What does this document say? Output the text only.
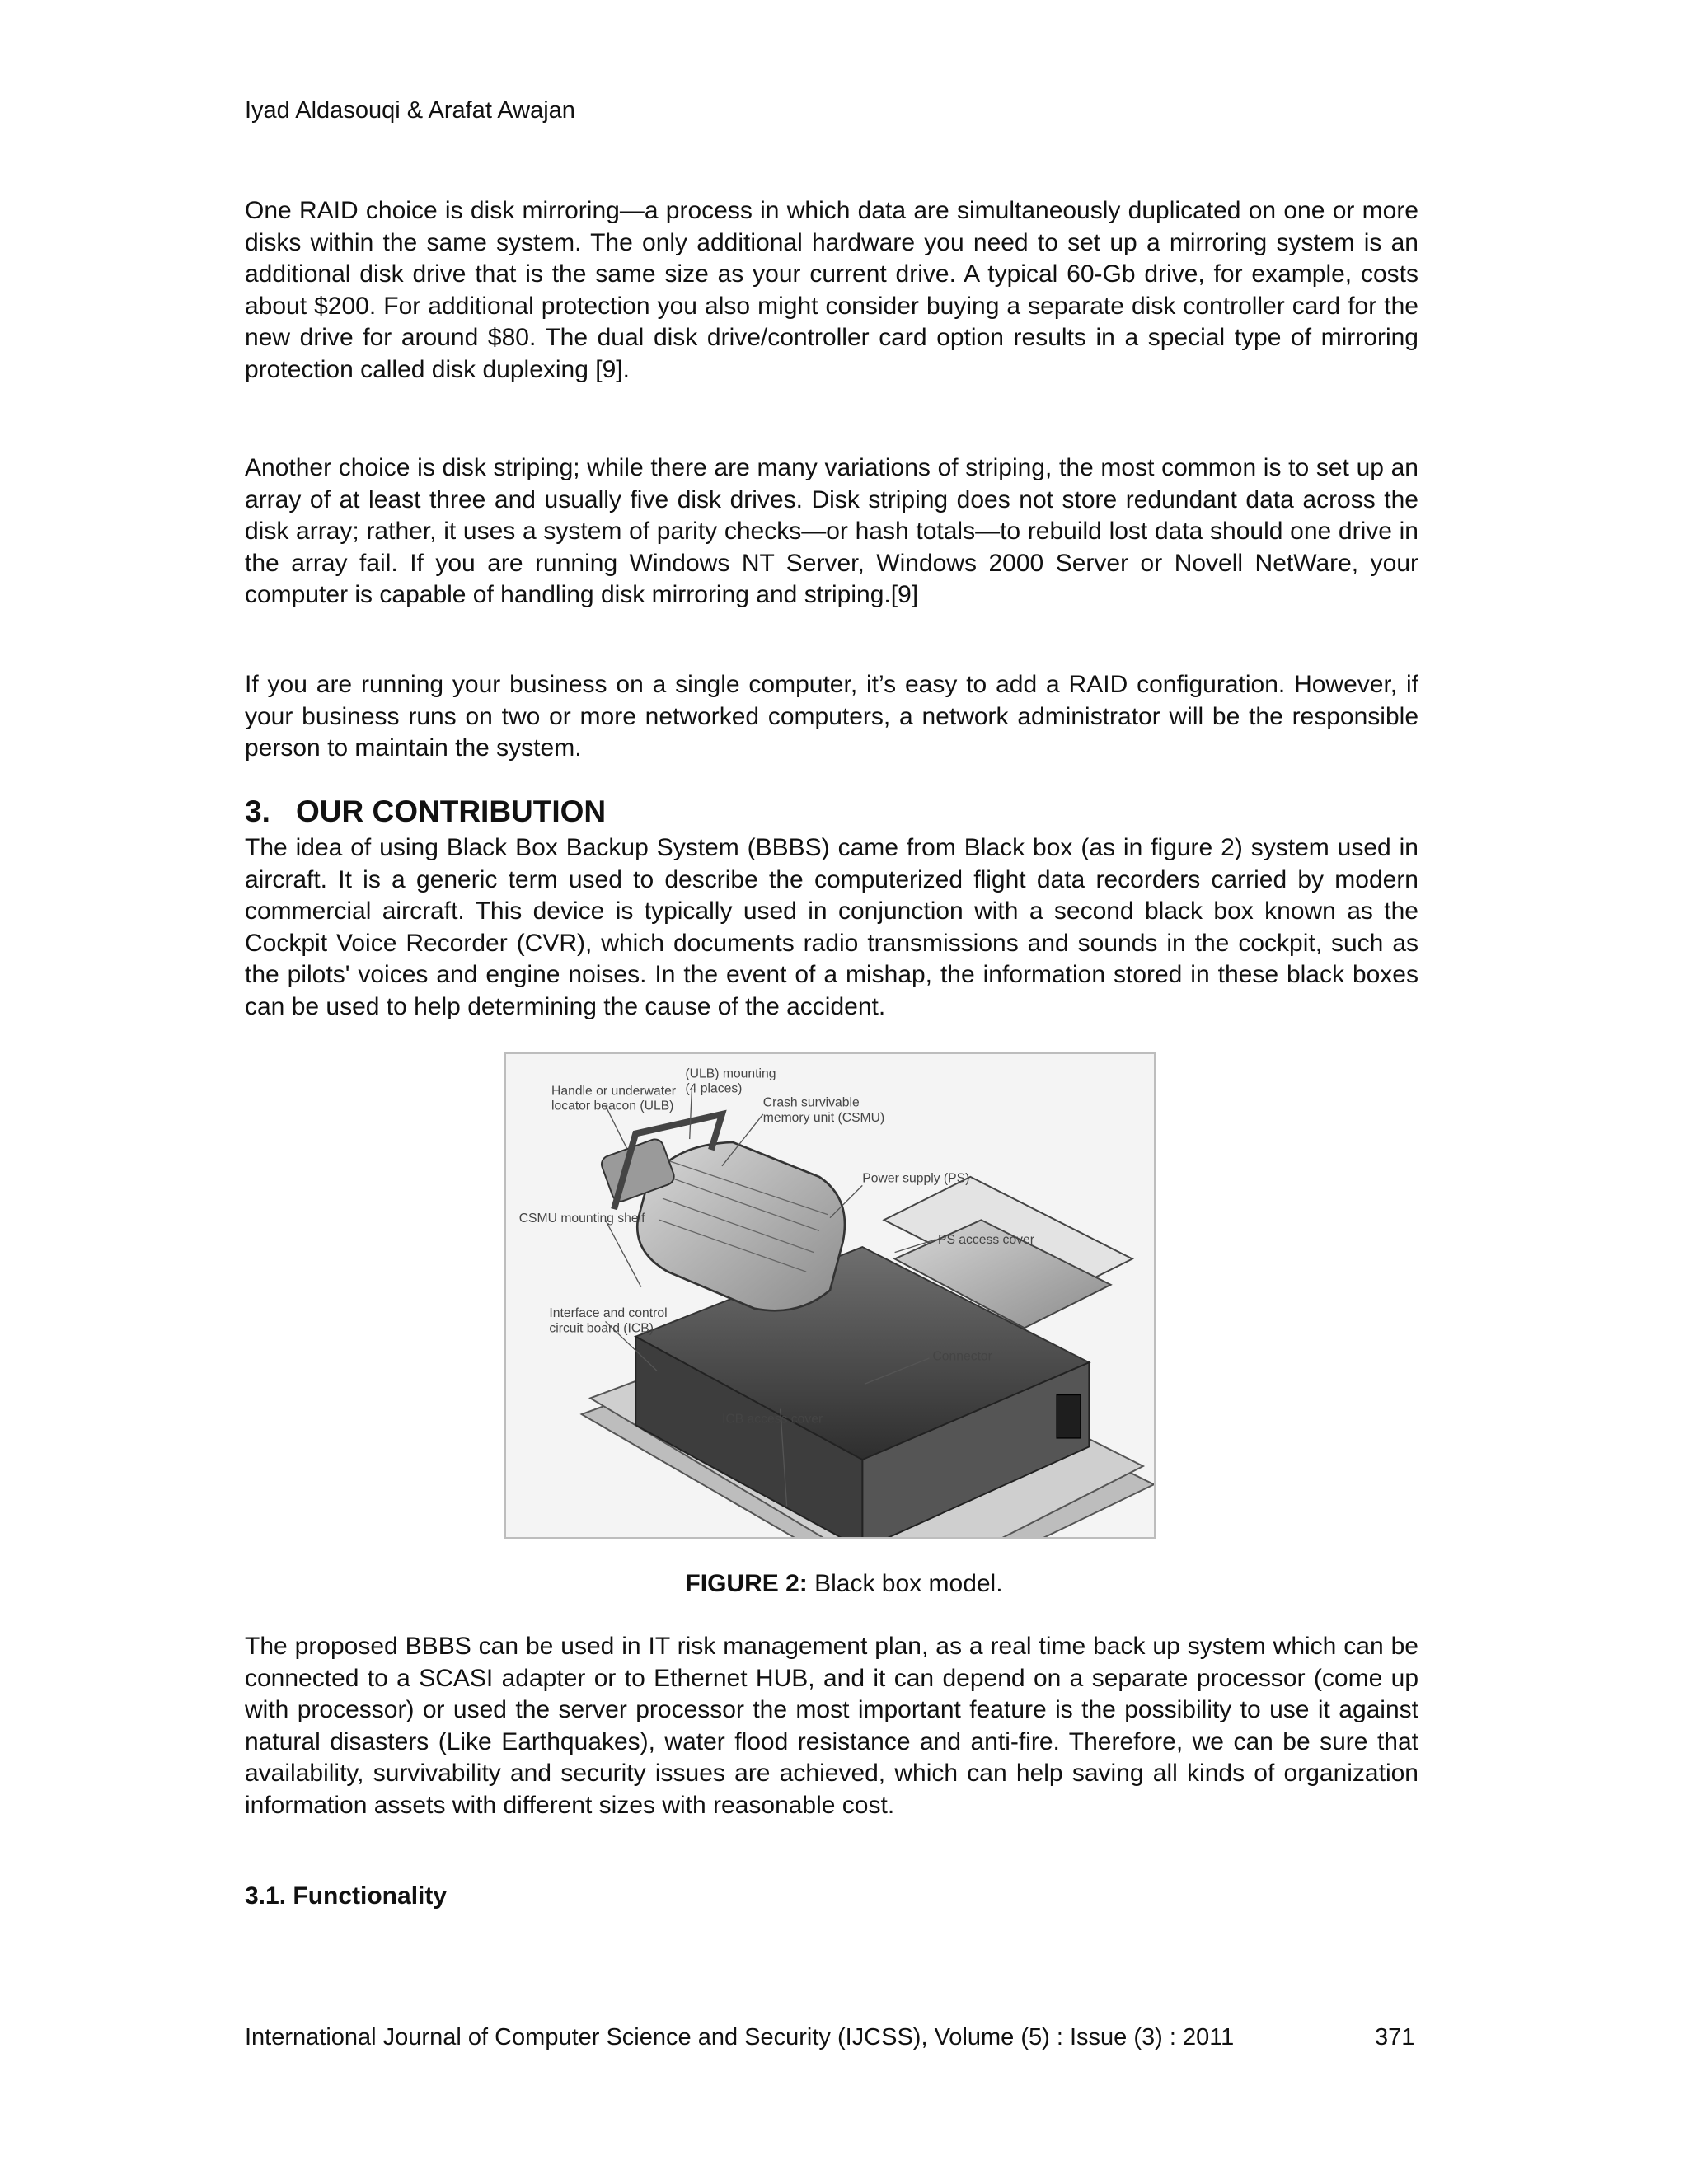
Iyad Aldasouqi & Arafat Awajan

One RAID choice is disk mirroring—a process in which data are simultaneously duplicated on one or more disks within the same system. The only additional hardware you need to set up a mirroring system is an additional disk drive that is the same size as your current drive. A typical 60-Gb drive, for example, costs about $200. For additional protection you also might consider buying a separate disk controller card for the new drive for around $80. The dual disk drive/controller card option results in a special type of mirroring protection called disk duplexing [9].

Another choice is disk striping; while there are many variations of striping, the most common is to set up an array of at least three and usually five disk drives. Disk striping does not store redundant data across the disk array; rather, it uses a system of parity checks—or hash totals—to rebuild lost data should one drive in the array fail. If you are running Windows NT Server, Windows 2000 Server or Novell NetWare, your computer is capable of handling disk mirroring and striping.[9]

If you are running your business on a single computer, it’s easy to add a RAID configuration. However, if your business runs on two or more networked computers, a network administrator will be the responsible person to maintain the system.

3. OUR CONTRIBUTION

The idea of using Black Box Backup System (BBBS) came from Black box (as in figure 2) system used in aircraft. It is a generic term used to describe the computerized flight data recorders carried by modern commercial aircraft. This device is typically used in conjunction with a second black box known as the Cockpit Voice Recorder (CVR), which documents radio transmissions and sounds in the cockpit, such as the pilots' voices and engine noises. In the event of a mishap, the information stored in these black boxes can be used to help determining the cause of the accident.

(ULB) mounting
(4 places)
Handle or underwater
locator beacon (ULB)	Crash survivable
memory unit (CSMU)
Power supply (PS)
CSMU mounting shelf
PS access cover
Interface and control
circuit board (ICB)
Connector
ICB access cover
FIGURE 2: Black box model.

The proposed BBBS can be used in IT risk management plan, as a real time back up system which can be connected to a SCASI adapter or to Ethernet HUB, and it can depend on a separate processor (come up with processor) or used the server processor the most important feature is the possibility to use it against natural disasters (Like Earthquakes), water flood resistance and anti-fire. Therefore, we can be sure that availability, survivability and security issues are achieved, which can help saving all kinds of organization information assets with different sizes with reasonable cost.

3.1. Functionality
International Journal of Computer Science and Security (IJCSS), Volume (5) : Issue (3) : 2011	371
